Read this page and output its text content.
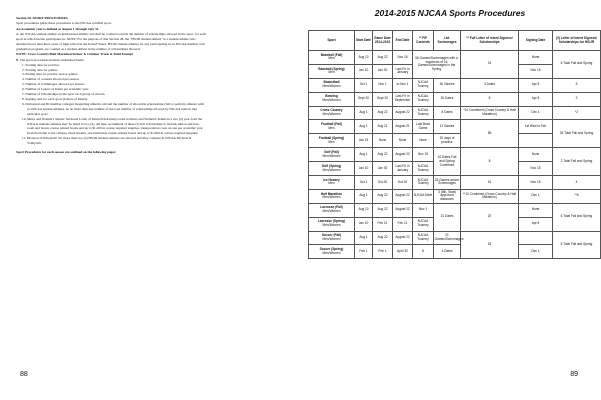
Section 28. SPORT PROCEDURES
Sport procedures guide these procedures to the NJCAA certified sport.
An Academic year is defined as August 1 through July 31.
A. An NJCAA student-athlete on institutional athletic aid shall be counted towards the number of scholarships allowed in the sport, for each sport in which he/she participates in. NOTE: For the purpose of this Section 28, the "HS/JR student-athlete" is a student-athlete who attended fewer than three years of high school in the United States. HS/JR student-athletes for any participating in an NJCAA member will graduation program, are counted as a student-athlete in the number of scholarships allowed.
NOTE: Cross Country/Half Marathon/Indoor & Outdoor Track & Field Exempt
B. The sport procedures include established items:
1. Starting date for practice.
2. Starting date for games.
3. Ending date for practice and/or games.
4. Number of contests allowed per season.
5. Number of scrimmages allowed per season.
6. Number of Letters of Intent per academic year.
7. Number of Scholarships in the sport each group of criteria.
8. Signing date for each sport (Letters of Intent).
9. Divisional and III member colleges: Regarding athletics aid and the number of allowable scholarships (full or partial), athletes with no NJCAA student-athletes, be no more than any number of the total number of scholarships allowed by NJCAA rules in that particular sport.
10. Men's and Women's Tennis: Sectional Letter of Intent/Scholarship Grant in Men's and Women's Tennis in a two (2) year from the NJCAA students-athletes may be listed in two (2). All men recruitment of three (3) full scholarships to include tuition and fees, room and board, course related books and up to $1,200 in course required supplies, transportation costs on one per academic year from the home to the campus, fixed student, one institution course-related books and up to $1,000 in course-required supplies.
11. Division II Volleyball: No more than two (2) HS/JR student-athletes are allowed and may compete in NJCAA Division II Volleyball.
Sport Procedures for each season are outlined on the following pages:
88
2014-2015 NJCAA Sports Procedures
Sport	Start Date	Game Date 2014-2015	End Date	** FIF Contests	Ltd. Scrimmages	** Full Letter of Intent Signees/ Scholarships	Signing Date	(3) Letter of Intent Signees/ Scholarships for HS/JR

Baseball (Fall)
Men	Aug 10	Aug 22	Nov 15	56 Games/Scrimmages with a maximum of 16 Games/Scrimmages in the Spring		24	None	6 Total Fall and Spring

Baseball (Spring)
Men	Jan 10	Jan 30	Last Fri in January				Nov 15	

Basketball
Men/Women	Oct 1	Nov 1	to Nov 1	NJCAA Tourney	30 Games	4 Dates	Apr 8	5

Bowling
Men/Women	Sept 20	Sept 20	Last Fri in September	NJCAA Tourney	30 Dates	8	Apr 8	2

Cross Country
Men/Women	Aug 1	Aug 22	August 22	NJCAA Tourney	8 Dates	*10 Combined (Cross Country & Half Marathon)	Dec 1	*2

Football (Fall)
Men	Aug 1	Aug 21	August 21	Last Bowl Game	11 Games	85	1st Wed in Feb	25 Total Fall and Spring

Football (Spring)
Men	Jan 15	None	None	None	20 days of practice			

Golf (Fall)
Men/Women	Aug 1	Aug 22	August 22	Nov 15	10 Dates Fall and Spring Combined	8	None	2 Total Fall and Spring

Golf (Spring)
Men/Women	Jan 10	Jan 30	Last Fri in January	NJCAA Tourney			Nov 15	

Ice Hockey
Men	Oct 1	Oct 20	Oct 20	NJCAA Tourney	28 Games and/or Scrimmages	16	Nov 15	4

Half Marathon
Men/Women	Aug 1	Aug 22	August 22	NJCAA Meet	3 (5th, Start) approved distances	**10 Combined (Cross Country & Half Marathon)	Dec 1	**6

Lacrosse (Fall)
Men/Women	Aug 10	Aug 22	August 22	Nov 1	21 Dates	20	None	6 Total Fall and Spring

Lacrosse (Spring)
Men/Women	Jan 10	Feb 21	Feb 21	NJCAA Tourney			Apr 8	

Soccer (Fall)
Men/Women	Aug 1	Aug 22	August 22	NJCAA Tourney	21 Games/Scrimmages	18		6 Total Fall and Spring

Soccer (Spring)
Men/Women	Feb 1	Feb 1	April 30	8	4 Dates		Dec 1	
89
